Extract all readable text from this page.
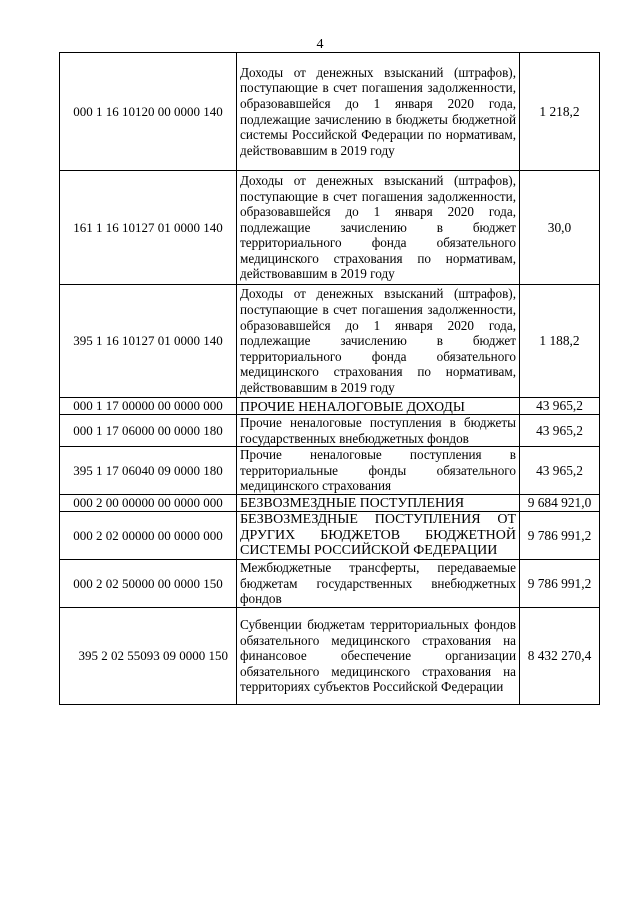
4
000 1 16 10120 00 0000 140	Доходы от денежных взысканий (штрафов), поступающие в счет погашения задолженности, образовавшейся до 1 января 2020 года, подлежащие зачислению в бюджеты бюджетной системы Российской Федерации по нормативам, действовавшим в 2019 году	1 218,2
161 1 16 10127 01 0000 140	Доходы от денежных взысканий (штрафов), поступающие в счет погашения задолженности, образовавшейся до 1 января 2020 года, подлежащие зачислению в бюджет территориального фонда обязательного медицинского страхования по нормативам, действовавшим в 2019 году	30,0
395 1 16 10127 01 0000 140	Доходы от денежных взысканий (штрафов), поступающие в счет погашения задолженности, образовавшейся до 1 января 2020 года, подлежащие зачислению в бюджет территориального фонда обязательного медицинского страхования по нормативам, действовавшим в 2019 году	1 188,2
000 1 17 00000 00 0000 000	ПРОЧИЕ НЕНАЛОГОВЫЕ ДОХОДЫ	43 965,2
000 1 17 06000 00 0000 180	Прочие неналоговые поступления в бюджеты государственных внебюджетных фондов	43 965,2
395 1 17 06040 09 0000 180	Прочие неналоговые поступления в территориальные фонды обязательного медицинского страхования	43 965,2
000 2 00 00000 00 0000 000	БЕЗВОЗМЕЗДНЫЕ ПОСТУПЛЕНИЯ	9 684 921,0
000 2 02 00000 00 0000 000	БЕЗВОЗМЕЗДНЫЕ ПОСТУПЛЕНИЯ ОТ ДРУГИХ БЮДЖЕТОВ БЮДЖЕТНОЙ СИСТЕМЫ РОССИЙСКОЙ ФЕДЕРАЦИИ	9 786 991,2
000 2 02 50000 00 0000 150	Межбюджетные трансферты, передаваемые бюджетам государственных внебюджетных фондов	9 786 991,2
395 2 02 55093 09 0000 150	Субвенции бюджетам территориальных фондов обязательного медицинского страхования на финансовое обеспечение организации обязательного медицинского страхования на территориях субъектов Российской Федерации	8 432 270,4
